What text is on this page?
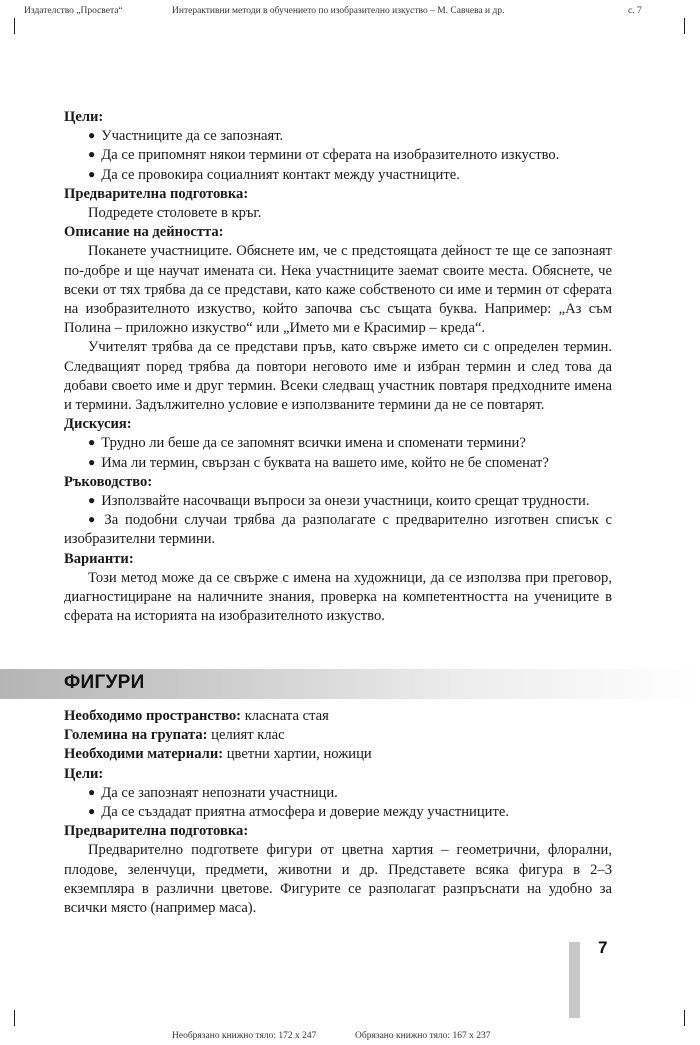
Издателство „Просвета“	Интерактивни методи в обучението по изобразително изкуство – М. Савчева и др.	с. 7

Цели:

● Участниците да се запознаят.

● Да се припомнят някои термини от сферата на изобразителното изкуство.

● Да се провокира социалният контакт между участниците.

Предварителна подготовка:

Подредете столовете в кръг.

Описание на дейността:

Поканете участниците. Обяснете им, че с предстоящата дейност те ще се запознаят по-добре и ще научат имената си. Нека участниците заемат своите места. Обяснете, че всеки от тях трябва да се представи, като каже собственото си име и термин от сферата на изобразителното изкуство, който започва със същата буква. Например: „Аз съм Полина – приложно изкуство“ или „Името ми е Красимир – креда“.

Учителят трябва да се представи пръв, като свърже името си с определен термин. Следващият поред трябва да повтори неговото име и избран термин и след това да добави своето име и друг термин. Всеки следващ участник повтаря предходните имена и термини. Задължително условие е използваните термини да не се повтарят.

Дискусия:

● Трудно ли беше да се запомнят всички имена и споменати термини?

● Има ли термин, свързан с буквата на вашето име, който не бе споменат?

Ръководство:

● Използвайте насочващи въпроси за онези участници, които срещат трудности.

● За подобни случаи трябва да разполагате с предварително изготвен списък с изобразителни термини.

Варианти:

Този метод може да се свърже с имена на художници, да се използва при преговор, диагностициране на наличните знания, проверка на компетентността на учениците в сферата на историята на изобразителното изкуство.

ФИГУРИ

Необходимо пространство: класната стая

Големина на групата: целият клас

Необходими материали: цветни хартии, ножици

Цели:

● Да се запознаят непознати участници.

● Да се създадат приятна атмосфера и доверие между участниците.

Предварителна подготовка:

Предварително подгответе фигури от цветна хартия – геометрични, флорални, плодове, зеленчуци, предмети, животни и др. Представете всяка фигура в 2–3 екземпляра в различни цветове. Фигурите се разполагат разпръснати на удобно за всички място (например маса).

7
Необрязано книжно тяло: 172 x 247	Обрязано книжно тяло: 167 x 237
